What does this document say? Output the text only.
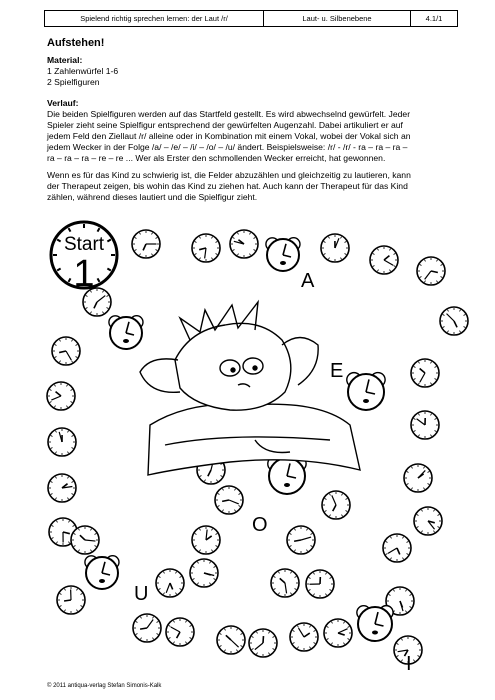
Spielend richtig sprechen lernen: der Laut /r/	Laut- u. Silbenebene	4.1/1
Aufstehen!
Material:
1 Zahlenwürfel 1-6
2 Spielfiguren
Verlauf:
Die beiden Spielfiguren werden auf das Startfeld gestellt. Es wird abwechselnd gewürfelt. Jeder
Spieler zieht seine Spielfigur entsprechend der gewürfelten Augenzahl. Dabei artikuliert er auf
jedem Feld den Ziellaut /r/ alleine oder in Kombination mit einem Vokal, wobei der Vokal sich an
jedem Wecker in der Folge /a/ – /e/ – /i/ – /o/ – /u/ ändert. Beispielsweise: /r/ - /r/ - ra – ra – ra –
ra – ra – ra – re – re ... Wer als Erster den schmollenden Wecker erreicht, hat gewonnen.
Wenn es für das Kind zu schwierig ist, die Felder abzuzählen und gleichzeitig zu lautieren, kann
der Therapeut zeigen, bis wohin das Kind zu ziehen hat. Auch kann der Therapeut für das Kind
zählen, während dieses lautiert und die Spielfigur zieht.
Start
1	A
E
O
U
I
© 2011 antiqua-verlag Stefan Simonis-Kalk
